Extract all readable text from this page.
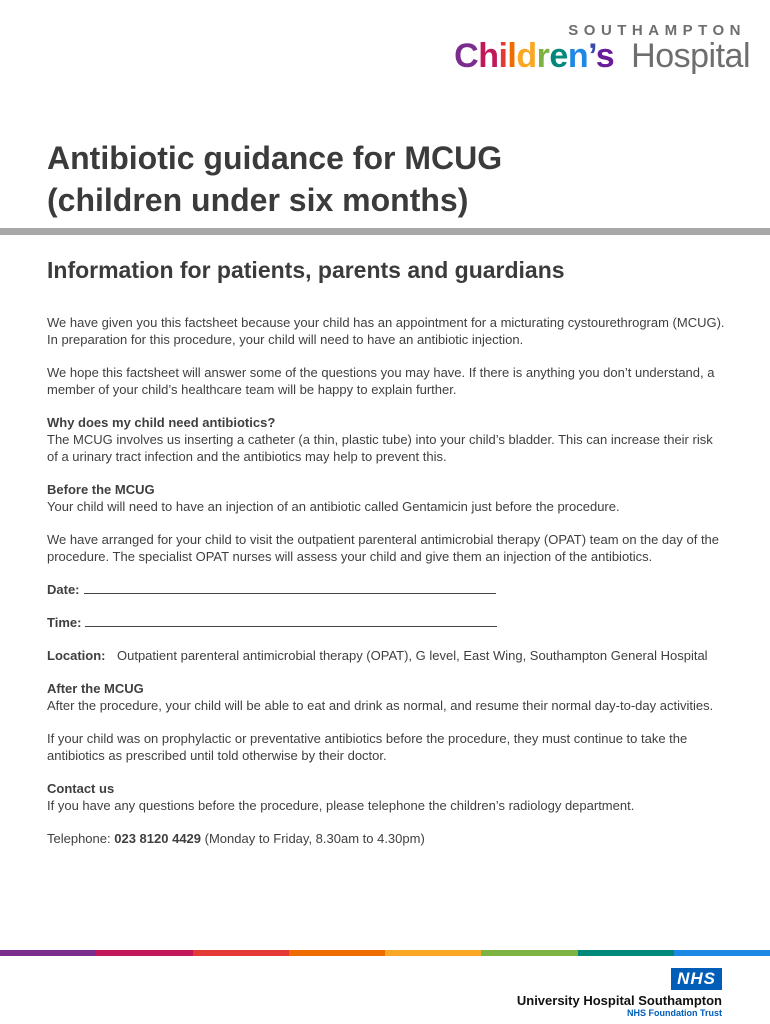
SOUTHAMPTON
Children’s Hospital
Antibiotic guidance for MCUG
(children under six months)
Information for patients, parents and guardians

We have given you this factsheet because your child has an appointment for a micturating cystourethrogram (MCUG). In preparation for this procedure, your child will need to have an antibiotic injection.

We hope this factsheet will answer some of the questions you may have. If there is anything you don’t understand, a member of your child’s healthcare team will be happy to explain further.

Why does my child need antibiotics?
The MCUG involves us inserting a catheter (a thin, plastic tube) into your child’s bladder. This can increase their risk of a urinary tract infection and the antibiotics may help to prevent this.

Before the MCUG
Your child will need to have an injection of an antibiotic called Gentamicin just before the procedure.

We have arranged for your child to visit the outpatient parenteral antimicrobial therapy (OPAT) team on the day of the procedure. The specialist OPAT nurses will assess your child and give them an injection of the antibiotics.

Date:

Time:

Location: Outpatient parenteral antimicrobial therapy (OPAT), G level, East Wing, Southampton General Hospital

After the MCUG
After the procedure, your child will be able to eat and drink as normal, and resume their normal day-to-day activities.

If your child was on prophylactic or preventative antibiotics before the procedure, they must continue to take the antibiotics as prescribed until told otherwise by their doctor.

Contact us
If you have any questions before the procedure, please telephone the children’s radiology department.

Telephone: 023 8120 4429 (Monday to Friday, 8.30am to 4.30pm)

NHS
University Hospital Southampton
NHS Foundation Trust
